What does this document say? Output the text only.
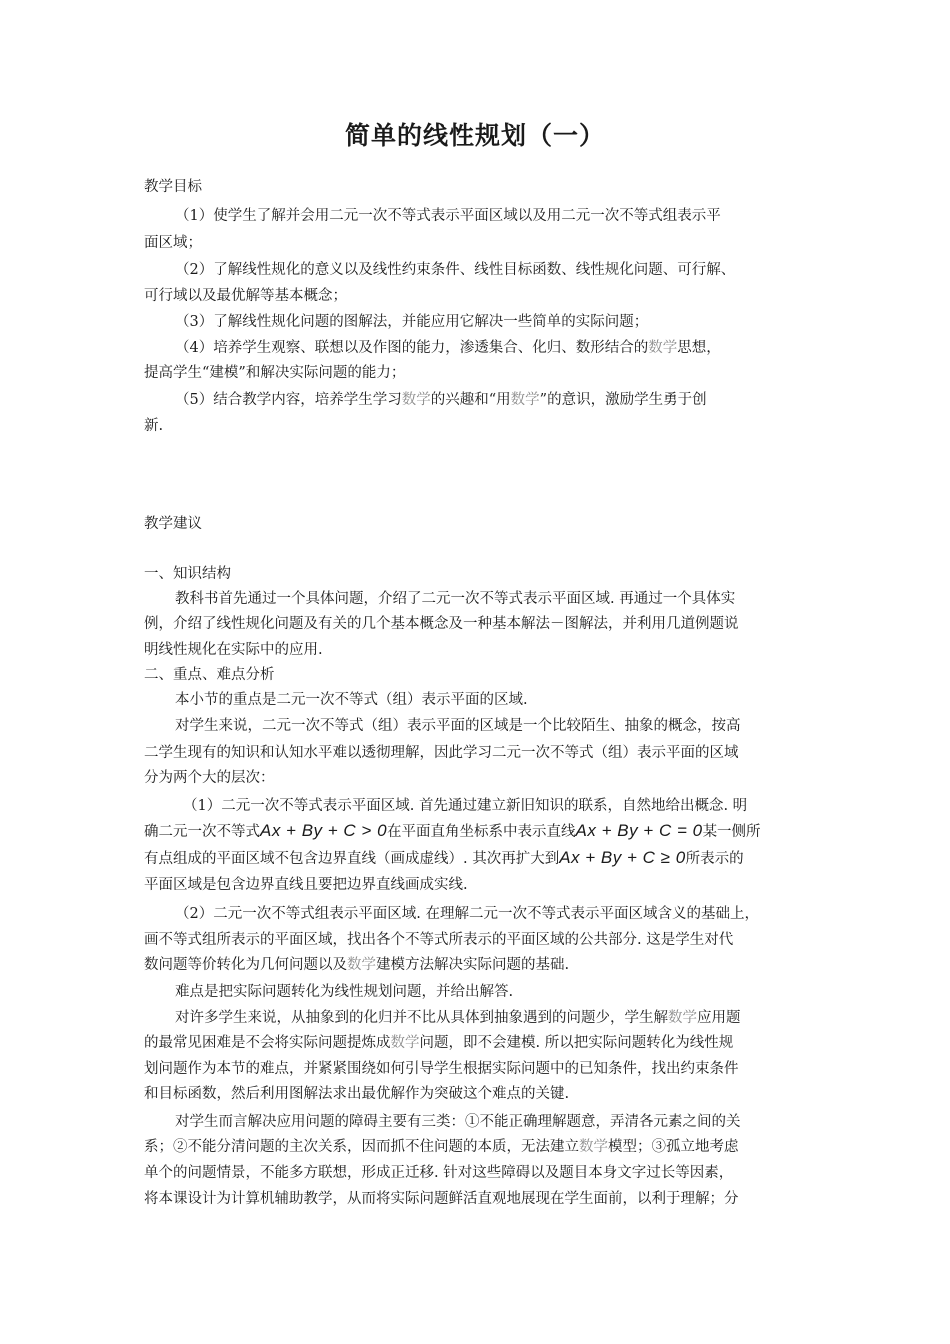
简单的线性规划（一）
教学目标
（1）使学生了解并会用二元一次不等式表示平面区域以及用二元一次不等式组表示平
面区域；
（2）了解线性规化的意义以及线性约束条件、线性目标函数、线性规化问题、可行解、
可行域以及最优解等基本概念；
（3）了解线性规化问题的图解法，并能应用它解决一些简单的实际问题；
（4）培养学生观察、联想以及作图的能力，渗透集合、化归、数形结合的数学思想，
提高学生“建模”和解决实际问题的能力；
（5）结合教学内容，培养学生学习数学的兴趣和“用数学”的意识，激励学生勇于创
新.
教学建议
一、知识结构
教科书首先通过一个具体问题，介绍了二元一次不等式表示平面区域. 再通过一个具体实
例，介绍了线性规化问题及有关的几个基本概念及一种基本解法－图解法，并利用几道例题说
明线性规化在实际中的应用.
二、重点、难点分析
本小节的重点是二元一次不等式（组）表示平面的区域.
对学生来说，二元一次不等式（组）表示平面的区域是一个比较陌生、抽象的概念，按高
二学生现有的知识和认知水平难以透彻理解，因此学习二元一次不等式（组）表示平面的区域
分为两个大的层次：
（1）二元一次不等式表示平面区域. 首先通过建立新旧知识的联系，自然地给出概念. 明
确二元一次不等式Ax + By + C > 0在平面直角坐标系中表示直线Ax + By + C = 0某一侧所
有点组成的平面区域不包含边界直线（画成虚线）. 其次再扩大到Ax + By + C ≥ 0所表示的
平面区域是包含边界直线且要把边界直线画成实线.
（2）二元一次不等式组表示平面区域. 在理解二元一次不等式表示平面区域含义的基础上，
画不等式组所表示的平面区域，找出各个不等式所表示的平面区域的公共部分. 这是学生对代
数问题等价转化为几何问题以及数学建模方法解决实际问题的基础.
难点是把实际问题转化为线性规划问题，并给出解答.
对许多学生来说，从抽象到的化归并不比从具体到抽象遇到的问题少，学生解数学应用题
的最常见困难是不会将实际问题提炼成数学问题，即不会建模. 所以把实际问题转化为线性规
划问题作为本节的难点，并紧紧围绕如何引导学生根据实际问题中的已知条件，找出约束条件
和目标函数，然后利用图解法求出最优解作为突破这个难点的关键.
对学生而言解决应用问题的障碍主要有三类：①不能正确理解题意，弄清各元素之间的关
系；②不能分清问题的主次关系，因而抓不住问题的本质，无法建立数学模型；③孤立地考虑
单个的问题情景，不能多方联想，形成正迁移. 针对这些障碍以及题目本身文字过长等因素，
将本课设计为计算机辅助教学，从而将实际问题鲜活直观地展现在学生面前，以利于理解；分
